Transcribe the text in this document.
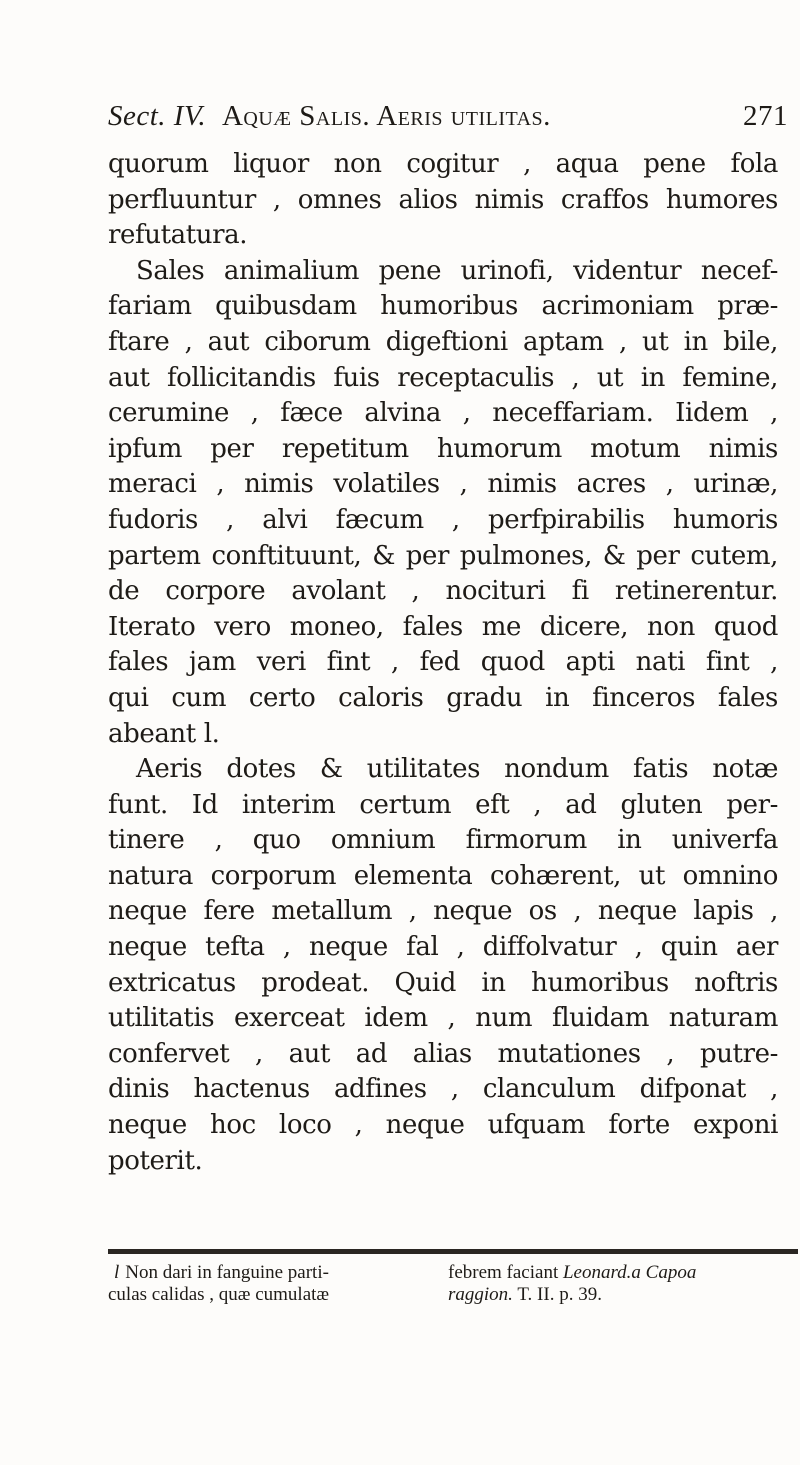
Sect. IV. Aquæ Salis. Aeris utilitas.	271
quorum liquor non cogitur , aqua pene fola
perfluuntur , omnes alios nimis craffos humores
refutatura.
Sales animalium pene urinofi, videntur necef-
fariam quibusdam humoribus acrimoniam præ-
ftare , aut ciborum digeftioni aptam , ut in bile,
aut follicitandis fuis receptaculis , ut in femine,
cerumine , fæce alvina , neceffariam. Iidem ,
ipfum per repetitum humorum motum nimis
meraci , nimis volatiles , nimis acres , urinæ,
fudoris , alvi fæcum , perfpirabilis humoris
partem conftituunt, & per pulmones, & per cutem,
de corpore avolant , nocituri fi retinerentur.
Iterato vero moneo, fales me dicere, non quod
fales jam veri fint , fed quod apti nati fint ,
qui cum certo caloris gradu in finceros fales
abeant l.
Aeris dotes & utilitates nondum fatis notæ
funt. Id interim certum eft , ad gluten per-
tinere , quo omnium firmorum in univerfa
natura corporum elementa cohærent, ut omnino
neque fere metallum , neque os , neque lapis ,
neque tefta , neque fal , diffolvatur , quin aer
extricatus prodeat. Quid in humoribus noftris
utilitatis exerceat idem , num fluidam naturam
confervet , aut ad alias mutationes , putre-
dinis hactenus adfines , clanculum difponat ,
neque hoc loco , neque ufquam forte exponi
poterit.
l Non dari in fanguine parti-	febrem faciant Leonard.a Capoa
culas calidas , quæ cumulatæ	raggion. T. II. p. 39.
